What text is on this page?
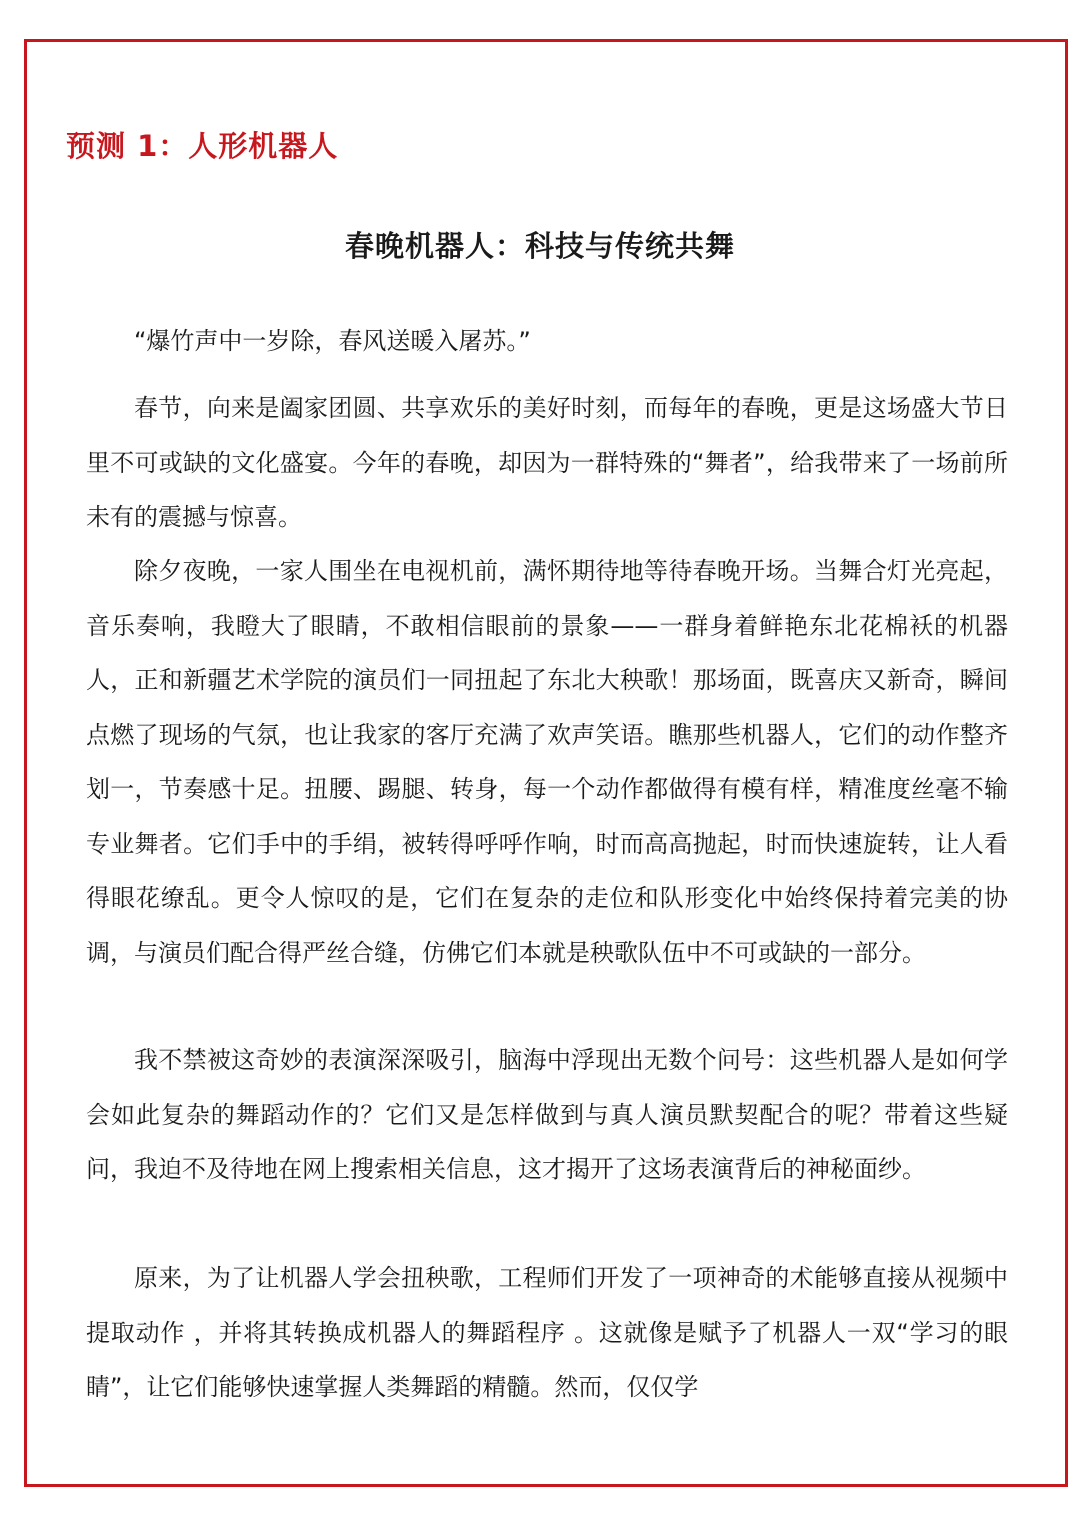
预测 1：人形机器人
春晚机器人：科技与传统共舞
“爆竹声中一岁除，春风送暖入屠苏。”

春节，向来是阖家团圆、共享欢乐的美好时刻，而每年的春晚，更是这场盛大节日里不可或缺的文化盛宴。今年的春晚，却因为一群特殊的“舞者”，给我带来了一场前所未有的震撼与惊喜。

除夕夜晚，一家人围坐在电视机前，满怀期待地等待春晚开场。当舞合灯光亮起，音乐奏响，我瞪大了眼睛，不敢相信眼前的景象——一群身着鲜艳东北花棉袄的机器人，正和新疆艺术学院的演员们一同扭起了东北大秧歌！那场面，既喜庆又新奇，瞬间点燃了现场的气氛，也让我家的客厅充满了欢声笑语。瞧那些机器人，它们的动作整齐划一，节奏感十足。扭腰、踢腿、转身，每一个动作都做得有模有样，精准度丝毫不输专业舞者。它们手中的手绢，被转得呼呼作响，时而高高抛起，时而快速旋转，让人看得眼花缭乱。更令人惊叹的是，它们在复杂的走位和队形变化中始终保持着完美的协调，与演员们配合得严丝合缝，仿佛它们本就是秧歌队伍中不可或缺的一部分。

我不禁被这奇妙的表演深深吸引，脑海中浮现出无数个问号：这些机器人是如何学会如此复杂的舞蹈动作的？它们又是怎样做到与真人演员默契配合的呢？带着这些疑问，我迫不及待地在网上搜索相关信息，这才揭开了这场表演背后的神秘面纱。

原来，为了让机器人学会扭秧歌，工程师们开发了一项神奇的术能够直接从视频中提取动作 ，并将其转换成机器人的舞蹈程序 。这就像是赋予了机器人一双“学习的眼睛”，让它们能够快速掌握人类舞蹈的精髓。然而，仅仅学
